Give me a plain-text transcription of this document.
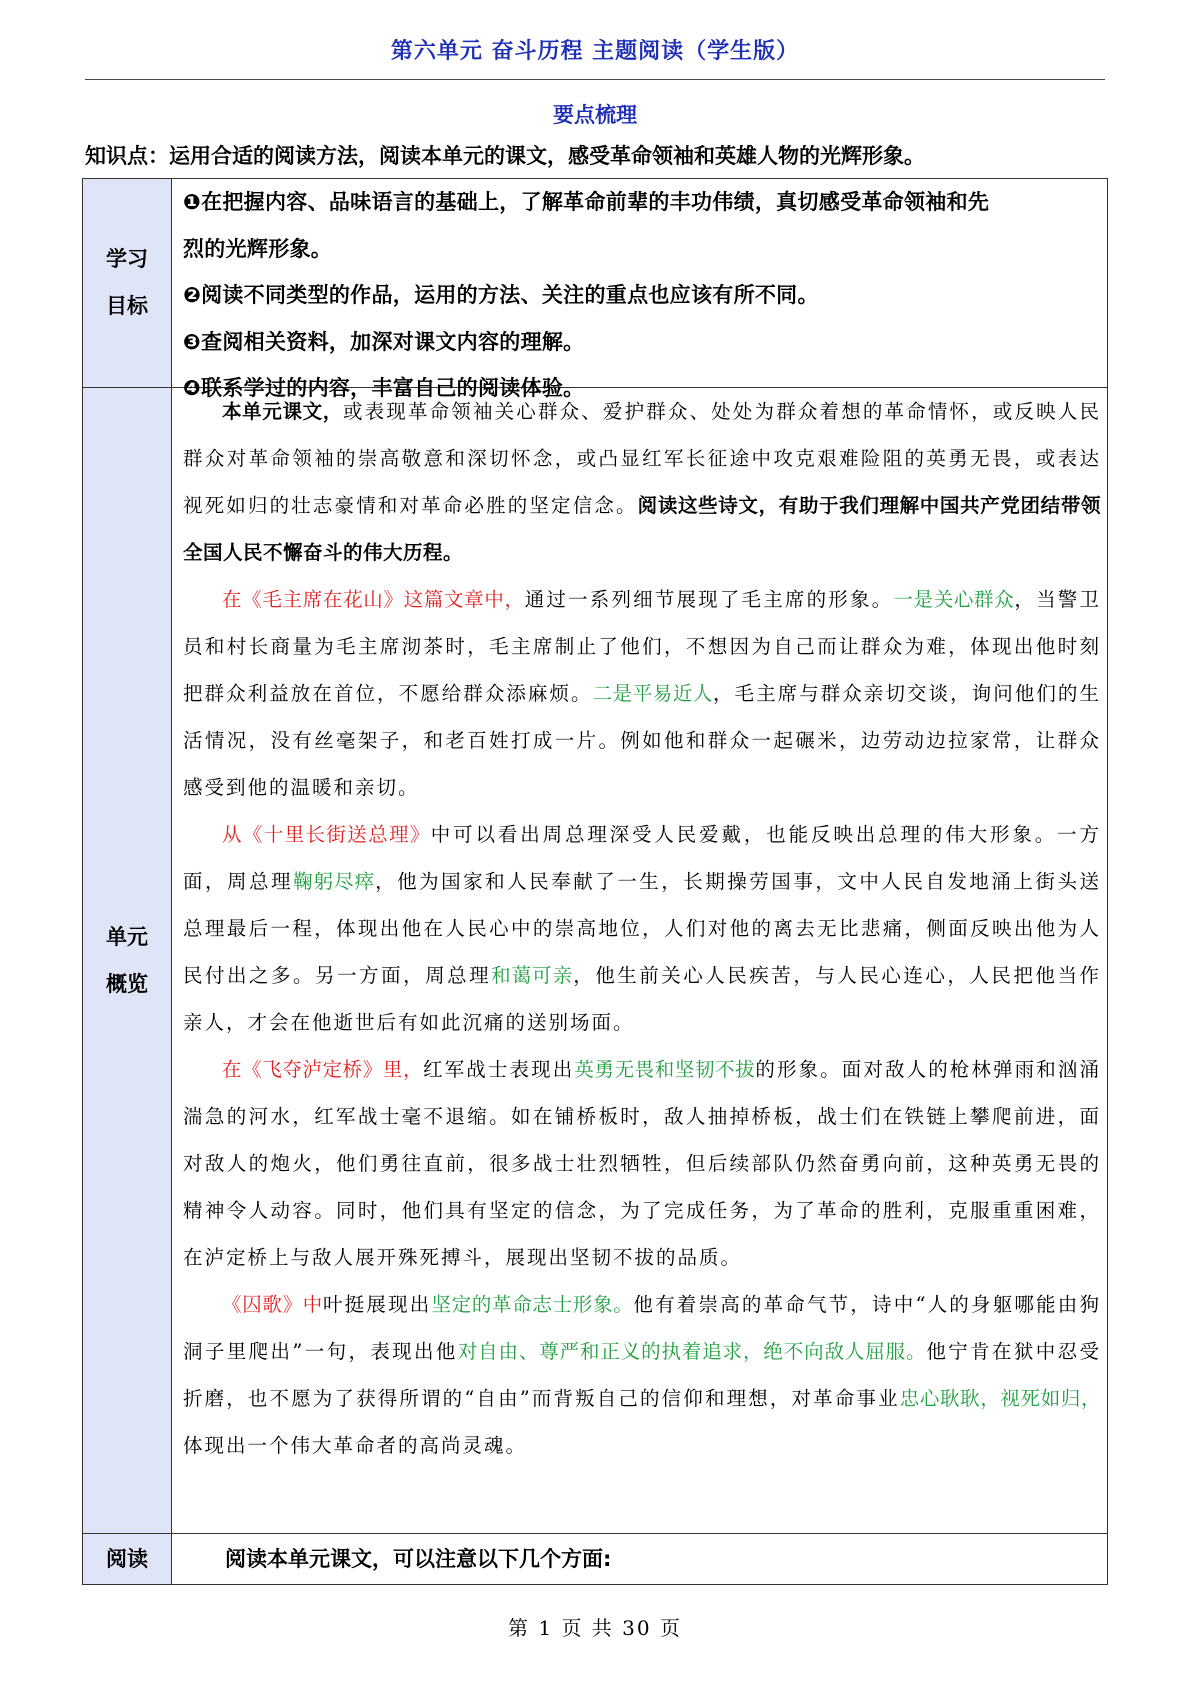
第六单元 奋斗历程 主题阅读（学生版）
要点梳理
知识点：运用合适的阅读方法，阅读本单元的课文，感受革命领袖和英雄人物的光辉形象。
学习
目标

❶在把握内容、品味语言的基础上，了解革命前辈的丰功伟绩，真切感受革命领袖和先

烈的光辉形象。

❷阅读不同类型的作品，运用的方法、关注的重点也应该有所不同。

❸查阅相关资料，加深对课文内容的理解。

❹联系学过的内容，丰富自己的阅读体验。

单元
概览

本单元课文，或表现革命领袖关心群众、爱护群众、处处为群众着想的革命情怀，或反映人民群众对革命领袖的崇高敬意和深切怀念，或凸显红军长征途中攻克艰难险阻的英勇无畏，或表达视死如归的壮志豪情和对革命必胜的坚定信念。阅读这些诗文，有助于我们理解中国共产党团结带领全国人民不懈奋斗的伟大历程。

在《毛主席在花山》这篇文章中，通过一系列细节展现了毛主席的形象。一是关心群众，当警卫员和村长商量为毛主席沏茶时，毛主席制止了他们，不想因为自己而让群众为难，体现出他时刻把群众利益放在首位，不愿给群众添麻烦。二是平易近人，毛主席与群众亲切交谈，询问他们的生活情况，没有丝毫架子，和老百姓打成一片。例如他和群众一起碾米，边劳动边拉家常，让群众感受到他的温暖和亲切。

从《十里长街送总理》中可以看出周总理深受人民爱戴，也能反映出总理的伟大形象。一方面，周总理鞠躬尽瘁，他为国家和人民奉献了一生，长期操劳国事，文中人民自发地涌上街头送总理最后一程，体现出他在人民心中的崇高地位，人们对他的离去无比悲痛，侧面反映出他为人民付出之多。另一方面，周总理和蔼可亲，他生前关心人民疾苦，与人民心连心，人民把他当作亲人，才会在他逝世后有如此沉痛的送别场面。

在《飞夺泸定桥》里，红军战士表现出英勇无畏和坚韧不拔的形象。面对敌人的枪林弹雨和汹涌湍急的河水，红军战士毫不退缩。如在铺桥板时，敌人抽掉桥板，战士们在铁链上攀爬前进，面对敌人的炮火，他们勇往直前，很多战士壮烈牺牲，但后续部队仍然奋勇向前，这种英勇无畏的精神令人动容。同时，他们具有坚定的信念，为了完成任务，为了革命的胜利，克服重重困难，在泸定桥上与敌人展开殊死搏斗，展现出坚韧不拔的品质。

《囚歌》中叶挺展现出坚定的革命志士形象。他有着崇高的革命气节，诗中“人的身躯哪能由狗洞子里爬出”一句，表现出他对自由、尊严和正义的执着追求，绝不向敌人屈服。他宁肯在狱中忍受折磨，也不愿为了获得所谓的“自由”而背叛自己的信仰和理想，对革命事业忠心耿耿，视死如归，体现出一个伟大革命者的高尚灵魂。

阅读	阅读本单元课文，可以注意以下几个方面:

第 1 页 共 30 页
